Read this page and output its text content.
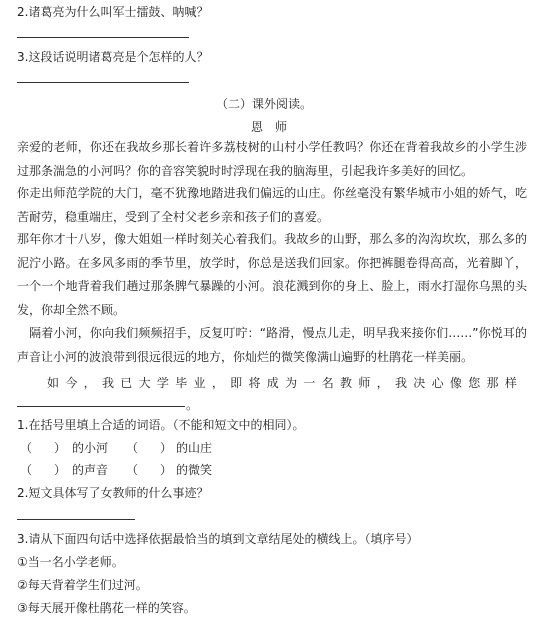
2.诸葛亮为什么叫军士擂鼓、呐喊？
3.这段话说明诸葛亮是个怎样的人？
（二）课外阅读。
恩　师
亲爱的老师，你还在我故乡那长着许多荔枝树的山村小学任教吗？你还在背着我故乡的小学生涉过那条湍急的小河吗？你的音容笑貌时时浮现在我的脑海里，引起我许多美好的回忆。
你走出师范学院的大门，毫不犹豫地踏进我们偏远的山庄。你丝毫没有繁华城市小姐的娇气，吃苦耐劳，稳重端庄，受到了全村父老乡亲和孩子们的喜爱。
那年你才十八岁，像大姐姐一样时刻关心着我们。我故乡的山野，那么多的沟沟坎坎，那么多的泥泞小路。在多风多雨的季节里，放学时，你总是送我们回家。你把裤腿卷得高高，光着脚丫，一个一个地背着我们趟过那条脾气暴躁的小河。浪花溅到你的身上、脸上，雨水打湿你乌黑的头发，你却全然不顾。
　隔着小河，你向我们频频招手，反复叮咛：“路滑，慢点儿走，明早我来接你们……”你悦耳的声音让小河的波浪带到很远很远的地方，你灿烂的微笑像满山遍野的杜鹃花一样美丽。
如 今 ， 我 已 大 学 毕 业 ， 即 将 成 为 一 名 教 师 ， 我 决 心 像 您 那 样
。
1.在括号里填上合适的词语。（不能和短文中的相同）。
（ ） 的小河 （ ） 的山庄
（ ） 的声音 （ ） 的微笑
2.短文具体写了女教师的什么事迹？
3.请从下面四句话中选择依据最恰当的填到文章结尾处的横线上。（填序号）
①当一名小学老师。
②每天背着学生们过河。
③每天展开像杜鹃花一样的笑容。
